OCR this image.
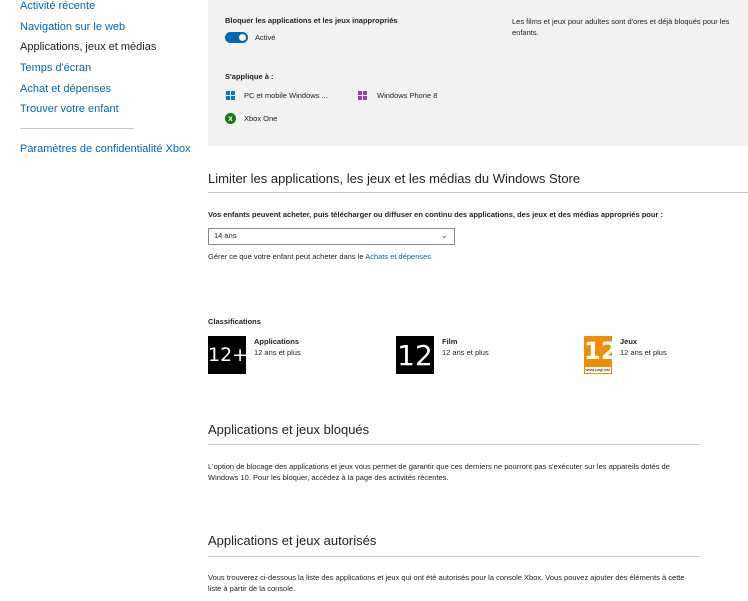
Activité récente
Navigation sur le web
Applications, jeux et médias
Temps d'écran
Achat et dépenses
Trouver votre enfant
Paramètres de confidentialité Xbox
Bloquer les applications et les jeux inappropriés
Activé
Les films et jeux pour adultes sont d'ores et déjà bloqués pour les enfants.
S'applique à :
PC et mobile Windows ...	Windows Phone 8
x	Xbox One
Limiter les applications, les jeux et les médias du Windows Store
Vos enfants peuvent acheter, puis télécharger ou diffuser en continu des applications, des jeux et des médias appropriés pour :
14 ans	⌄
Gérer ce que votre enfant peut acheter dans le Achats et dépenses
Classifications
12+
Applications
12 ans et plus	12 Film
12 ans et plus	12
www.pegi.info
Jeux
12 ans et plus
Applications et jeux bloqués
L'option de blocage des applications et jeux vous permet de garantir que ces derniers ne pourront pas s'exécuter sur les appareils dotés de Windows 10. Pour les bloquer, accédez à la page des activités récentes.
Applications et jeux autorisés
Vous trouverez ci-dessous la liste des applications et jeux qui ont été autorisés pour la console Xbox. Vous pouvez ajouter des éléments à cette liste à partir de la console.
